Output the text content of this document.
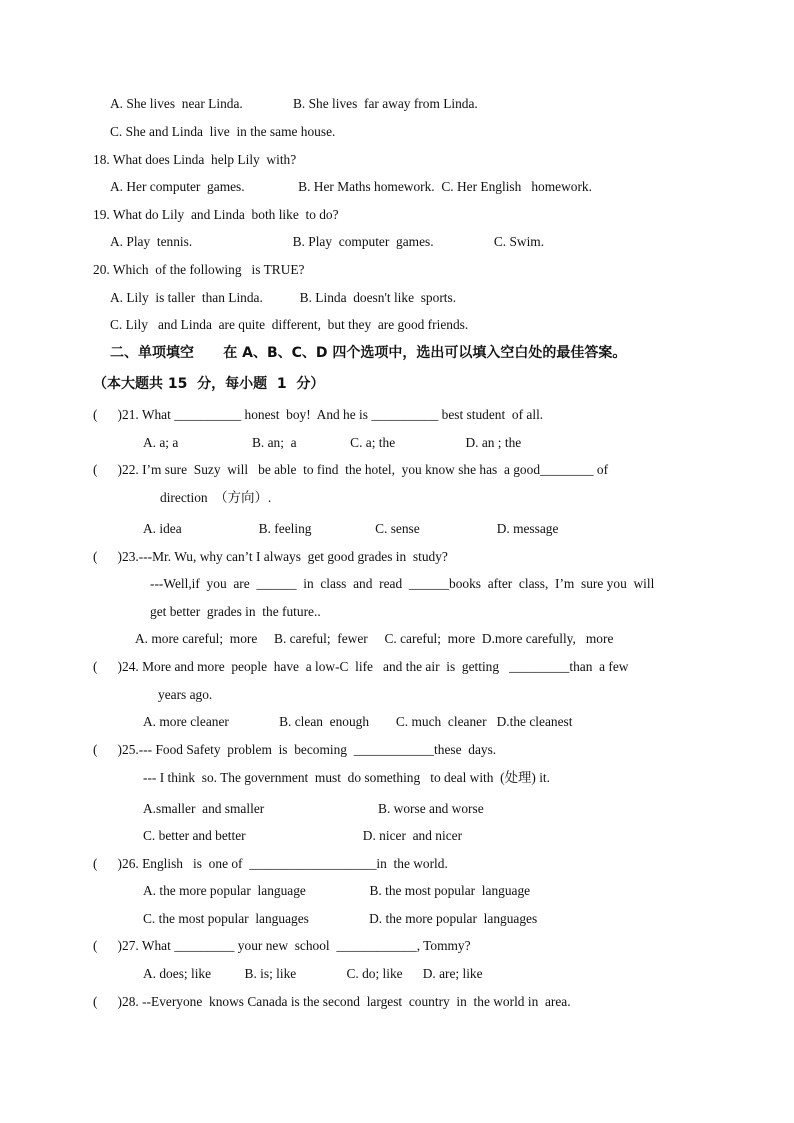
A. She lives  near Linda.               B. She lives  far away from Linda.
C. She and Linda  live  in the same house.
18. What does Linda  help Lily  with?
A. Her computer  games.                B. Her Maths homework.  C. Her English   homework.
19. What do Lily  and Linda  both like  to do?
A. Play  tennis.                              B. Play  computer  games.                  C. Swim.
20. Which  of the following   is TRUE?
A. Lily  is taller  than Linda.           B. Linda  doesn't like  sports.
C. Lily   and Linda  are quite  different,  but they  are good friends.
二、单项填空      在 A、B、C、D 四个选项中，选出可以填入空白处的最佳答案。
（本大题共 15  分，每小题  1  分）
(      )21. What __________ honest  boy!  And he is __________ best student  of all.
A. a; a                      B. an;  a                C. a; the                     D. an ; the
(      )22. I’m sure  Suzy  will   be able  to find  the hotel,  you know she has  a good________ of
direction  （方向）.
A. idea                       B. feeling                   C. sense                       D. message
(      )23.---Mr. Wu, why can’t I always  get good grades in  study?
---Well,if  you  are  ______  in  class  and  read  ______books  after  class,  I’m  sure you  will
get better  grades in  the future..
A. more careful;  more     B. careful;  fewer     C. careful;  more  D.more carefully,   more
(      )24. More and more  people  have  a low-C  life   and the air  is  getting   _________than  a few
years ago.
A. more cleaner               B. clean  enough        C. much  cleaner   D.the cleanest
(      )25.--- Food Safety  problem  is  becoming  ____________these  days.
--- I think  so. The government  must  do something   to deal with  (处理) it.
A.smaller  and smaller                                  B. worse and worse
C. better and better                                   D. nicer  and nicer
(      )26. English   is  one of  ___________________in  the world.
A. the more popular  language                   B. the most popular  language
C. the most popular  languages                  D. the more popular  languages
(      )27. What _________ your new  school  ____________, Tommy?
A. does; like          B. is; like               C. do; like      D. are; like
(      )28. --Everyone  knows Canada is the second  largest  country  in  the world in  area.
